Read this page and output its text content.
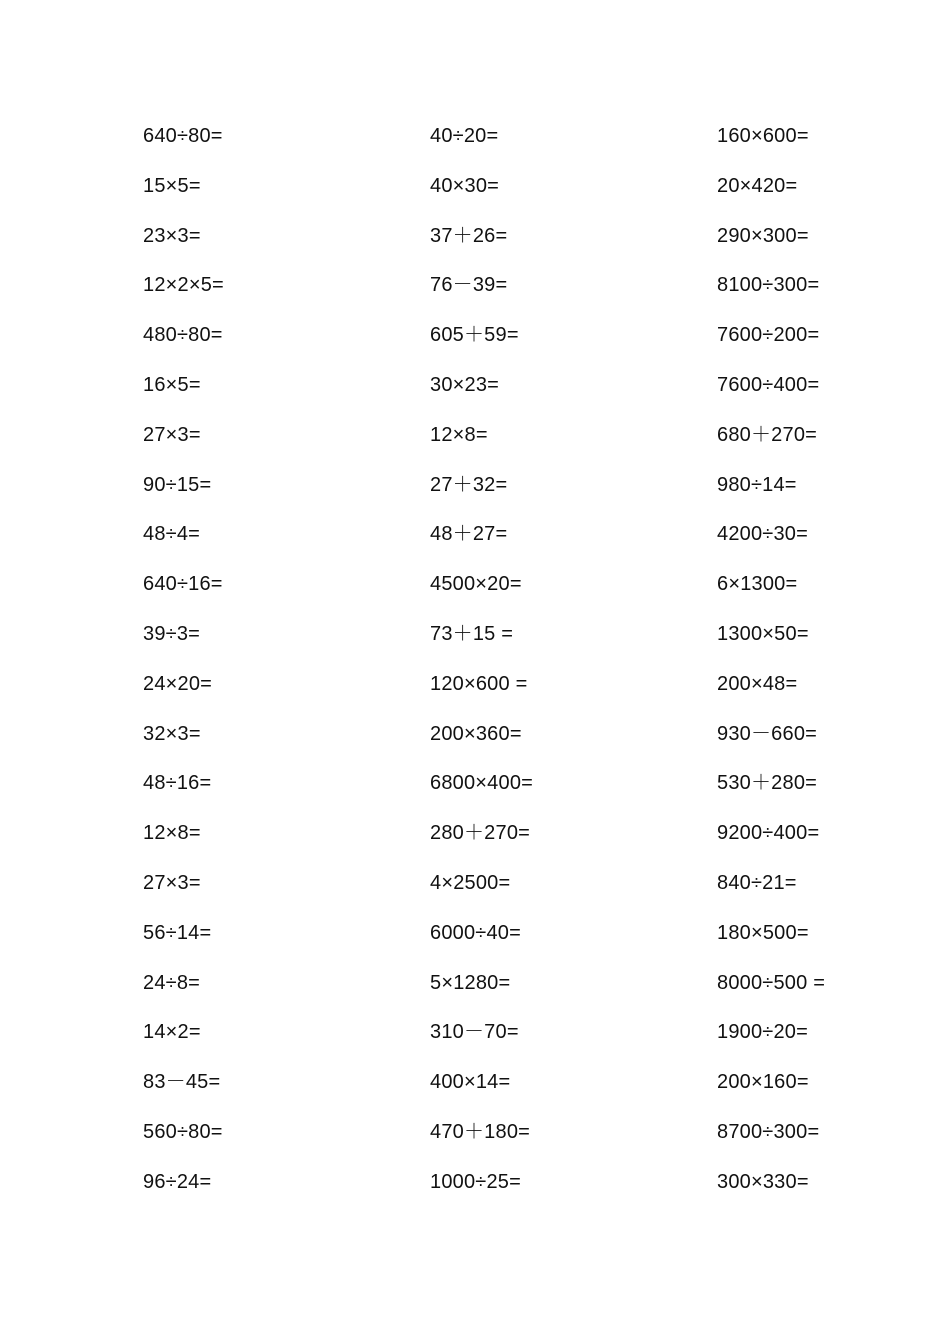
640÷80=
15×5=
23×3=
12×2×5=
480÷80=
16×5=
27×3=
90÷15=
48÷4=
640÷16=
39÷3=
24×20=
32×3=
48÷16=
12×8=
27×3=
56÷14=
24÷8=
14×2=
83－45=
560÷80=
96÷24=
40÷20=
40×30=
37＋26=
76－39=
605＋59=
30×23=
12×8=
27＋32=
48＋27=
4500×20=
73＋15 =
120×600 =
200×360=
6800×400=
280＋270=
4×2500=
6000÷40=
5×1280=
310－70=
400×14=
470＋180=
1000÷25=
160×600=
20×420=
290×300=
8100÷300=
7600÷200=
7600÷400=
680＋270=
980÷14=
4200÷30=
6×1300=
1300×50=
200×48=
930－660=
530＋280=
9200÷400=
840÷21=
180×500=
8000÷500 =
1900÷20=
200×160=
8700÷300=
300×330=
